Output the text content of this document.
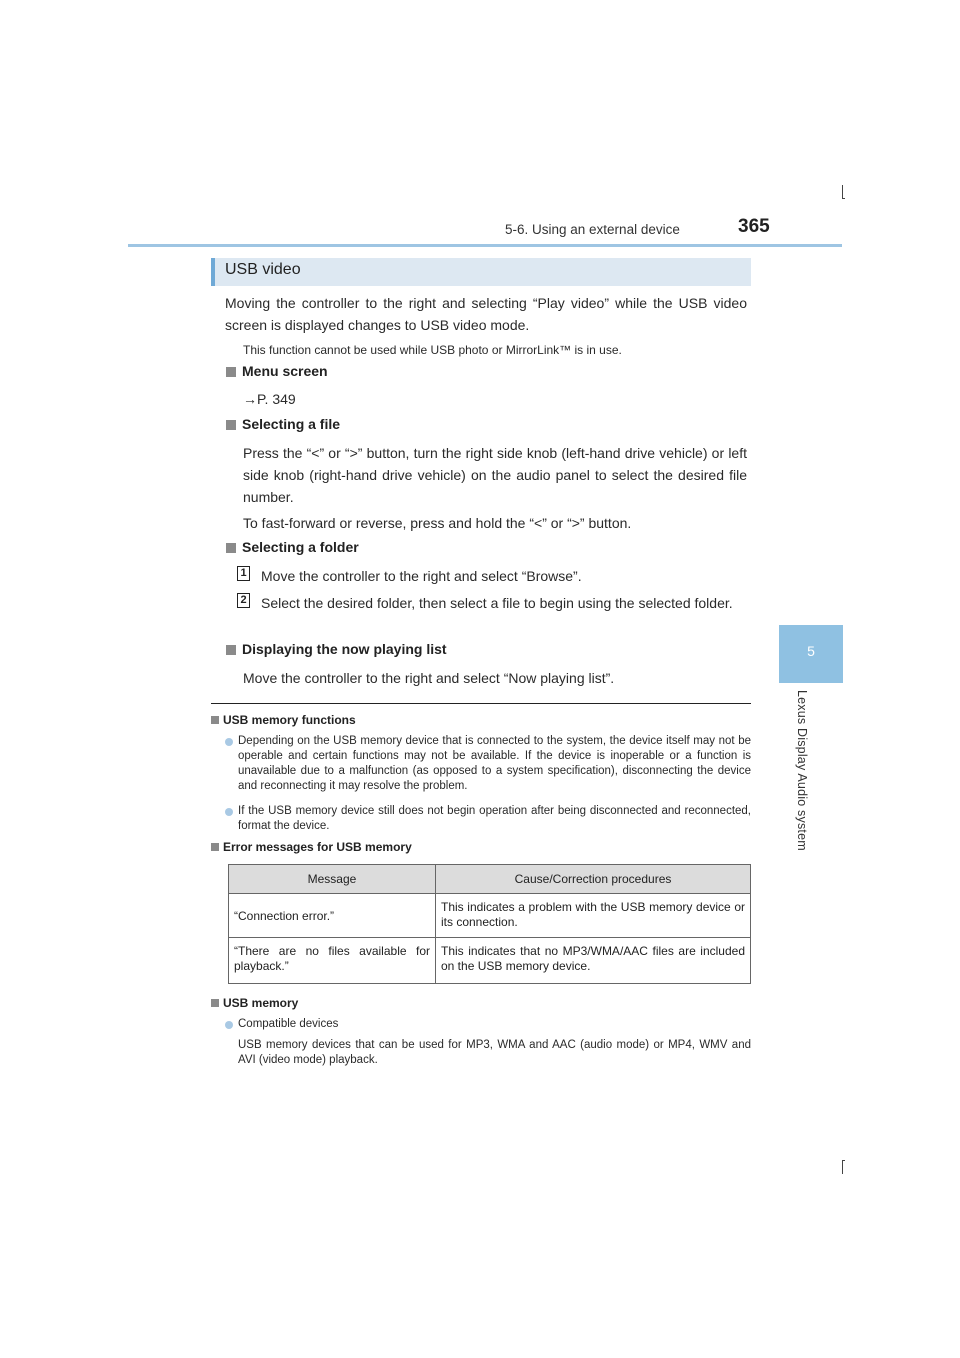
5-6. Using an external device	365
5
Lexus Display Audio system
USB video
Moving the controller to the right and selecting “Play video” while the USB video screen is displayed changes to USB video mode.
This function cannot be used while USB photo or MirrorLink™ is in use.
Menu screen
→P. 349
Selecting a file
Press the “<” or “>” button, turn the right side knob (left-hand drive vehicle) or left side knob (right-hand drive vehicle) on the audio panel to select the desired file number.
To fast-forward or reverse, press and hold the “<” or “>” button.
Selecting a folder
1 Move the controller to the right and select “Browse”.
2 Select the desired folder, then select a file to begin using the selected folder.
Displaying the now playing list
Move the controller to the right and select “Now playing list”.
USB memory functions
Depending on the USB memory device that is connected to the system, the device itself may not be operable and certain functions may not be available. If the device is inoperable or a function is unavailable due to a malfunction (as opposed to a system specification), disconnecting the device and reconnecting it may resolve the problem.
If the USB memory device still does not begin operation after being disconnected and reconnected, format the device.
Error messages for USB memory
Message	Cause/Correction procedures
“Connection error.”	This indicates a problem with the USB memory device or its connection.
“There are no files available for playback.”	This indicates that no MP3/WMA/AAC files are included on the USB memory device.
USB memory
Compatible devices
USB memory devices that can be used for MP3, WMA and AAC (audio mode) or MP4, WMV and AVI (video mode) playback.
